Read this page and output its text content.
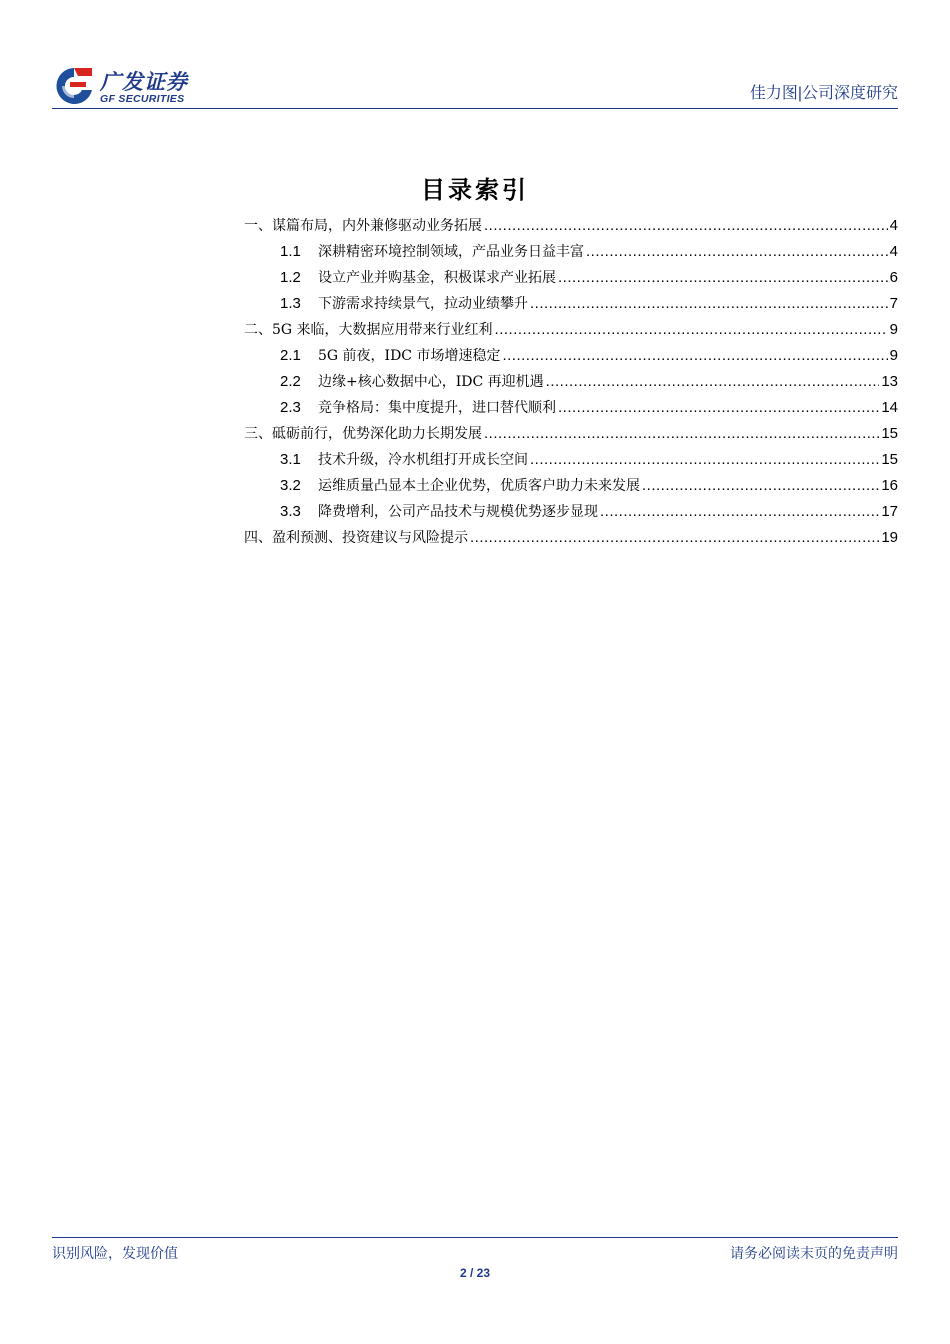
广发证券
GF SECURITIES	佳力图|公司深度研究
目录索引
一、谋篇布局，内外兼修驱动业务拓展 .....	4
1.1	深耕精密环境控制领域，产品业务日益丰富 .....	4
1.2	设立产业并购基金，积极谋求产业拓展 .....	6
1.3	下游需求持续景气，拉动业绩攀升 .....	7
二、5G 来临，大数据应用带来行业红利 .....	9
2.1	5G 前夜，IDC 市场增速稳定 .....	9
2.2	边缘+核心数据中心，IDC 再迎机遇 .....	13
2.3	竞争格局：集中度提升，进口替代顺利 .....	14
三、砥砺前行，优势深化助力长期发展 .....	15
3.1	技术升级，冷水机组打开成长空间 .....	15
3.2	运维质量凸显本土企业优势，优质客户助力未来发展 .....	16
3.3	降费增利，公司产品技术与规模优势逐步显现 .....	17
四、盈利预测、投资建议与风险提示 .....	19
识别风险，发现价值	请务必阅读末页的免责声明
2 / 23
